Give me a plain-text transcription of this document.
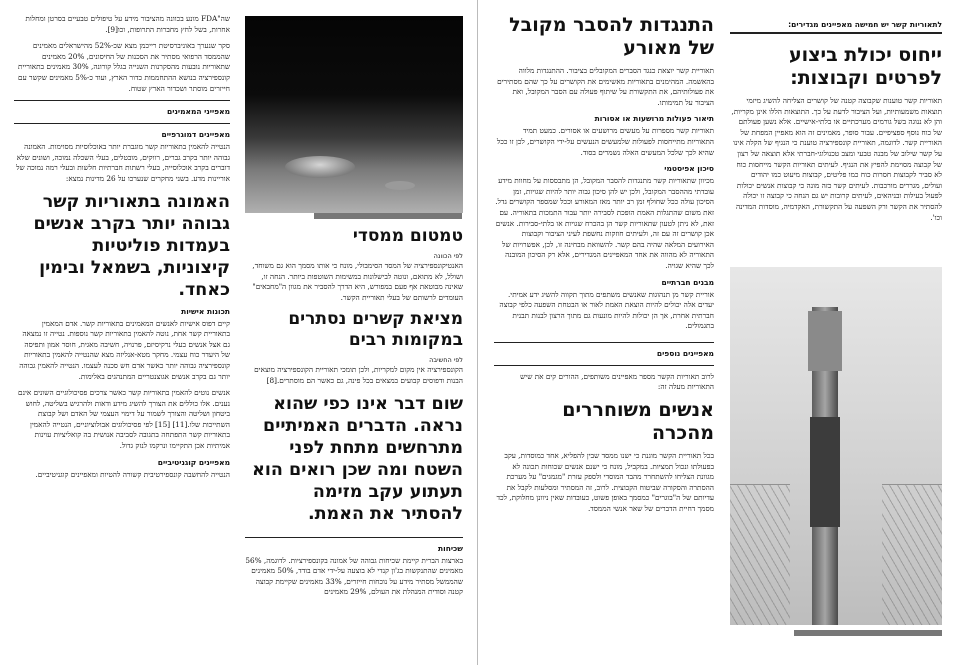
שה"FDA מונע בכוונה מהציבור מידע על טיפולים טבעיים בסרטן ומחלות אחרות, בשל לחץ מחברות התרופות, וכו[9].

סקר שנערך באוניברסיטת רייכמן מצא שכ-52% מהישראלים מאמינים שהממסד הרפואי מסתיר את הסכנות של החיסונים, 20% מאמינים שתאוריות נובעות מהסקרנות השנייה בגלל קורונה, 30% מאמינים בתאוריית קונספירציה בנושא ההתחממות כדור הארץ, ועוד כ-5% מאמינים שקשר עם חייזרים מוסתר ושכדור הארץ שטוח.

מאפייני המאמינים
מאפיינים דמוגרפיים

הנטייה להאמין בתאוריות קשר מוגברת יותר באוכלוסיות מסוימות. האמונה גבוהה יותר בקרב גברים, רווקים, מובטלים, בעלי השכלה נמוכה, ושונים שלא דוברים בקרב אוכלוסייה, בעלי רשתות חברתיות חלשות ובעלי רמה נמוכה של אוריינות מדע. בשני מחקרים שנערכו על 26 מדינות נמצא:

האמונה בתאוריות קשר גבוהה יותר בקרב אנשים בעמדות פוליטיות קיצוניות, בשמאל ובימין כאחד.
תכונות אישיות

קיים דפוס אישיות לאנשים המאמינים בתאוריות קשר. אדם המאמין בתאוריית קשר אחת, נוטה להאמין בתאוריות קשר נוספות. נטייה זו נמצאה גם אצל אנשים בעלי נרקיסיזם, פרנויה, חשיבה מאגית, חוסר אמון ותפיסה של היעדר כוח עצמי. מחקר מטא-אנליזה מצא שהנטייה להאמין בתאוריות קונספירציה גבוהה יותר כאשר אדם חש סכנה לעצמו. הנטייה להאמין גבוהה יותר גם בקרב אנשים אגוצנטריים המתנהגים באלימות.

אנשים נוטים להאמין בתאוריות קשר כאשר צרכים פסיכולוגיים השונים אינם נענים. אלו כוללים את הצורך להשיג מידע ודאות ולהרגיש בשליטה, לחוש ביטחון ושליטה והצורך לשמור על דימוי העצמי של האדם ושל קבוצת השתייכות שלו.[11] [15] לפי פסיכולוגים אבולוציוניים, הנטייה להאמין בתאוריות קשר התפתחה בתגובה לסביבה אנושית בה קואליציות עוינות אמיתיות אכן התקיימו ונרקמו לנזק גדול.

מאפיינים קוגניטיביים

הנטייה להחשבה קונספירטיבית קשורה להטיות ומאפיינים קוגניטיביים.

טמטום ממסדי
לפי הכוונה

האנטיקונספירציה של המסד הסימבולי, מונח כי אותו מסמך הוא גם משוחד, ושולל, לא מתואם, ונוטה לבישלונות במשימות השוטפות ביותר. הנחה זו, שאינה מבוטאת אף פעם במפורש, היא הדרך להסביר את מגוון ה"מחבאים" העומדים לרשותם של בעלי תאוריית הקשר.

מציאת קשרים נסתרים במקומות רבים
לפי החשיבה

הקונספירציה אין מקום למקריות, ולכן תומכי תאוריית הקונספירציה מוצאים הבנות ודפוסים קבועים במצאים בכל פינה, גם כאשר הם מוסתרים.[8]

שום דבר אינו כפי שהוא נראה. הדברים האמיתיים מתרחשים מתחת לפני השטח ומה שכן רואים הוא תעתוע עקב מזימה להסתיר את האמת.
שכיחות

בארצות הברית קיימת שכיחות גבוהה של אמונה בקונספירציות. לדוגמה, 56% מאמינים שהתנקשות בג'ון קנדי לא בוצעה על-ידי אדם בודד, 50% מאמינים שהממשל מסתיר מידע על נוכחות חייזרים, 33% מאמינים שקיימת קבוצה קטנה וסודית המנהלת את העולם, 29% מאמינים

לתאוריות קשר יש חמישה מאפיינים מגדירים:
ייחוס יכולת ביצוע לפרטים וקבוצות:

תאוריות קשר טוענות שקבוצה קטנה של קושרים הצליחה להשיג מיזמי תוצאות משמעותיות, ועל הציבור לדעת על כך. התוצאות הללו אינן מקריות, והן לא ננוגה בשל גורמים מערכתיים או בלתי-אישיים. אלא נשען פעולתם של כוח נוסף ספציפיים. עבור סופר, מאמינים זה הוא מאפיין המפחת של האוריית קשר. לדוגמה, תאוריית קונספירציה טוענת כי הנגיף של הקלה אינו על קשר שילוב של מבנה טבעי ומצב טכנולוגי-חברתי אלא תוצאה של רצון של קבוצה מסוימת להפיץ את הנגיף. לעיתים תאוריות הקשר מייחסות כוח לא סביר לקבוצות חסרות כוח כמו פליטים, קבוצות מיעוט כמו יהודים ועולים, מגררים מורכבות. לעיתים קשר כזה מונה כי קבוצות אנשים יכולות לפעול בעילות ובניהאים, לעיתים קרובות יש גם הנחה כי קבוצה זו יכולה להסתיר את הקשר ורק השפעה על התקשורת, האקדמיה, מוסדות המדינה וכו'.

התנגדות להסבר מקובל של מאורע

תאוריית קשר יוצאת כנגד הסברים המקובלים בציבור. ההתנגדות מלווה בהאשמה. המהימנים בתאוריות מאשימים את הקושרים על כך שהם מסתירים את פעולותיהם, את התקשורת על שיתוף פעולה עם הסבר המקובל, ואת הציבור על תמימותו.

תיאור פעולות מרושעות או אסורות

תאוריות קשר מספרות על מעשים מרושעים או אסורים. כמעט תמיד התאוריות מתייחסות לפעולות שלמעשים הנעשים על-ידי הקושרים, לכן זו ככל שהיא לכך שלכל המעשים האלה נשמרים בסוד.

סיכון אפיסטמי

מכיוון שתאוריות קשר מתנגדות להסבר המקובל, הן מתבססות על מחוות מידע עובדתי מההסבר המקובל, ולכן יש להן סיכון גבוה יותר להיות שגויות, זמן הסיכון עולה ככל שחולף זמן רב יותר מאז המאורע וככל שמספר הקושרים גדל. זאת משום שהתגלות האמת הופכת לסבירה יותר עבור התמכות בתאוריה. עם זאת, לא ניתן לטעון שתאוריות קשר הן בהכרח שגויות או בלתי-סבירות. אנשים אכן קושרים זה עם זה, ולעיתים חוזקות נחשפת לעיני הציבור וקבוצות האירועים המלאה שהיה בהם קשר. להשוואת מבחינה זו, לכן, אפשרויות של התאוריה לא מהווה את אחד המאפיינים המגדירים, אלא רק הסיכון המובנה לכך שהיא שגויה.

מבנים חברתיים

אוריית קשר מן תנהוגות שאנשים משתפים מתוך תקווה להשיג ידע אמיתי. יעדים אלה יכולים להיות הוצאת האמת לאור או הבטחת השפעה כלפי קבוצה חברתית אחרת, אך הן יכולות להיות מונעות גם מתוך הרצון לבנות תבנית בתגמולים.

מאפיינים נוספים

לרוב תאוריות הקשר מספר מאפיינים משותפים, ההורים קים את שיש התאוריות מעלה זה:

אנשים משוחררים מהכרה

בכל תאוריית הקשר מוגנת כי ישנו ממסד שבין להפליא, אחד כמוסדות, עקב בפעולתו ונכול תמציות. במקביל, מונח כי ישנם אנשים שכוחות תכונה לא מגוונת הצליחו להשתחרר מהבד המוסדי ולספק עזרת "מגמגים" על מערכת ההסתרה והסקורה שביטוח הקבוצית. לרוב, זה המסתיר ומסלעות לקבל את עדיותם של ה"בוגרים" כמסמך באופן פשוט, כעובדות שאין ניוונן מחלוקת, לכד מסמך דחיית הדברים של שאר אנשי הממסד.
